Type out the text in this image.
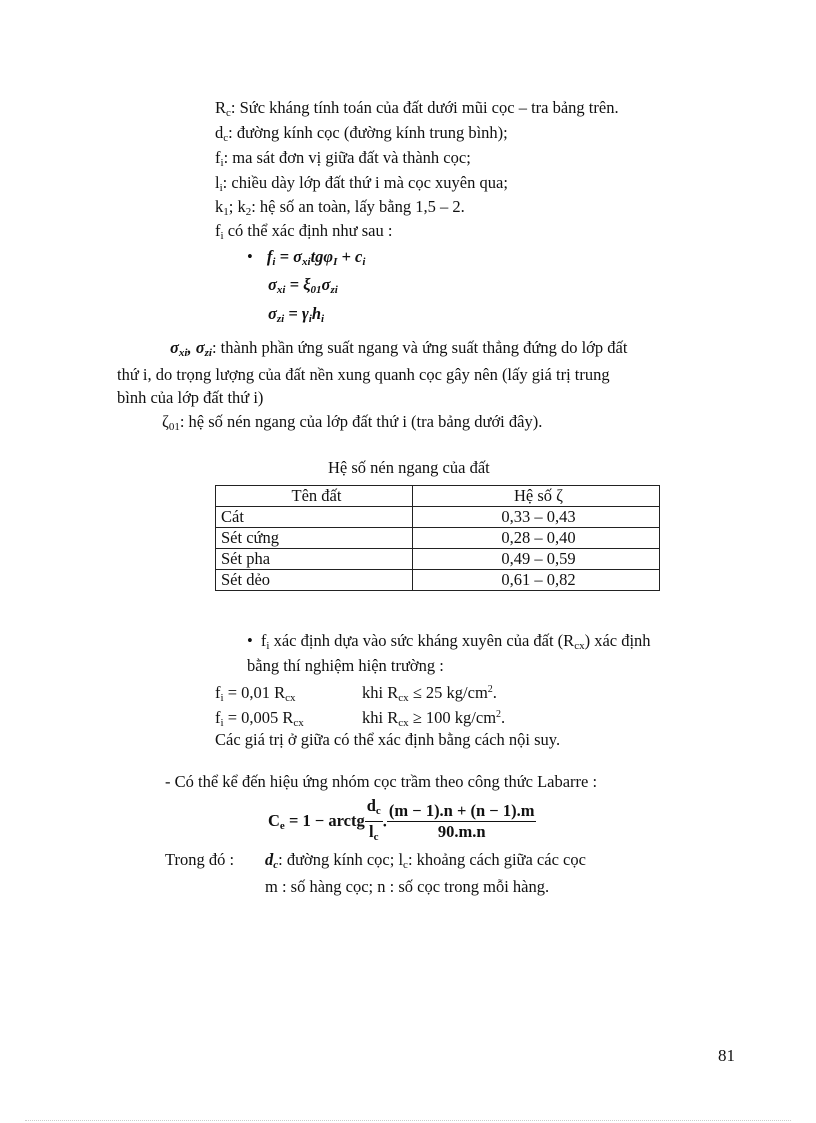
$R_c$: Sức kháng tính toán của đất dưới mũi cọc – tra bảng trên.
$d_c$: đường kính cọc (đường kính trung bình);
$f_i$: ma sát đơn vị giữa đất và thành cọc;
$l_i$: chiều dày lớp đất thứ i mà cọc xuyên qua;
$k_1$; $k_2$: hệ số an toàn, lấy bằng 1,5 – 2.
$f_i$ có thể xác định như sau :
• $f_i = \sigma_{xi}tg\varphi_I + c_i$
$\sigma_{xi} = \xi_{01}\sigma_{zi}$
$\sigma_{zi} = \gamma_ih_i$
$\sigma_{xi}$, $\sigma_{zi}$: thành phần ứng suất ngang và ứng suất thẳng đứng do lớp đất
thứ i, do trọng lượng của đất nền xung quanh cọc gây nên (lấy giá trị trung
bình của lớp đất thứ i)
$\zeta_{01}$: hệ số nén ngang của lớp đất thứ i (tra bảng dưới đây).
Hệ số nén ngang của đất
Tên đất	Hệ số ζ
Cát	0,33 – 0,43
Sét cứng	0,28 – 0,40
Sét pha	0,49 – 0,59
Sét dẻo	0,61 – 0,82
• $f_i$ xác định dựa vào sức kháng xuyên của đất $(R_{cx})$ xác định
bằng thí nghiệm hiện trường :
$f_i = 0,01$ $R_{cx}$	khi $R_{cx} \le 25$ $kg/cm^2$.
$f_i = 0,005$ $R_{cx}$	khi $R_{cx} \ge 100$ $kg/cm^2$.
Các giá trị ở giữa có thể xác định bằng cách nội suy.
- Có thể kể đến hiệu ứng nhóm cọc trầm theo công thức Labarre :
$C_e = 1$ − arctg $\frac{d_c}{l_c}$ . $\frac{(m - 1).n + (n - 1).m}{90.m.n}$
Trong đó : $d_c$: đường kính cọc; $l_c$: khoảng cách giữa các cọc
m : số hàng cọc; n : số cọc trong mỗi hàng.
81
